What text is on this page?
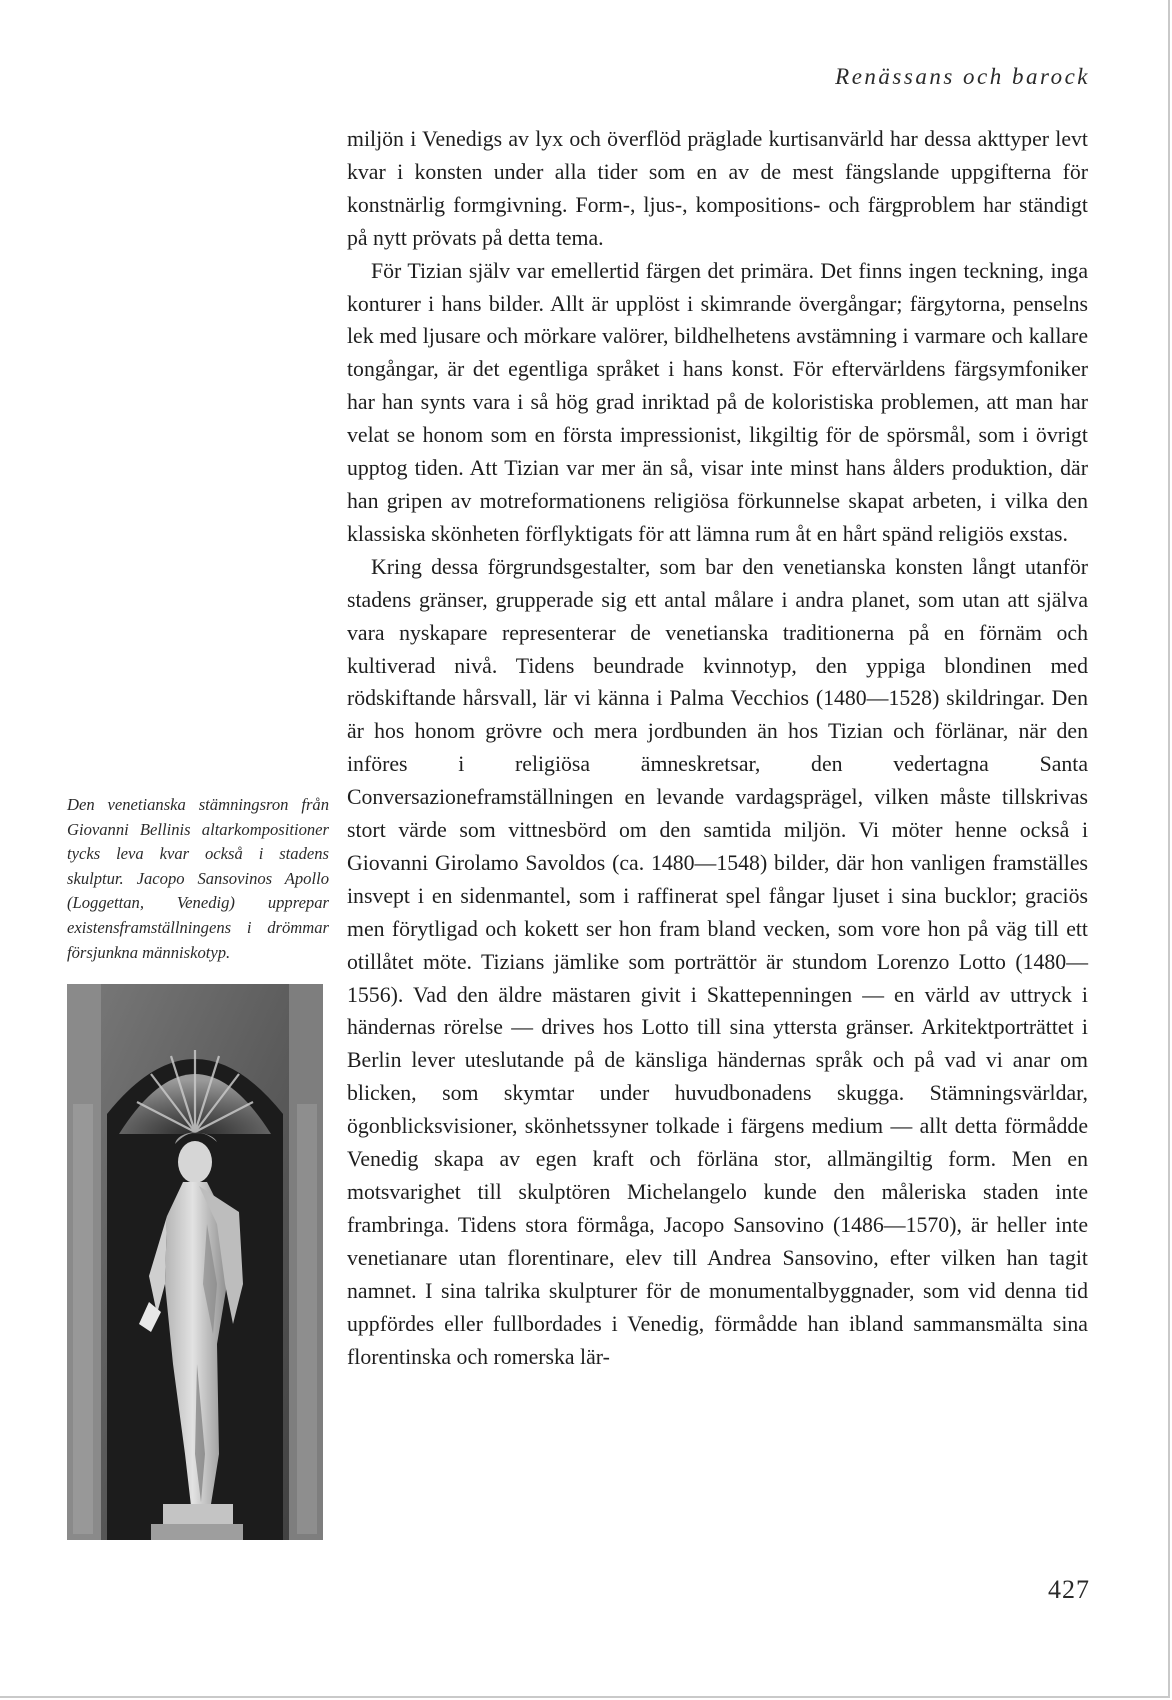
Renässans och barock

miljön i Venedigs av lyx och överflöd präglade kurtisanvärld har dessa akttyper levt kvar i konsten under alla tider som en av de mest fängslande uppgifterna för konstnärlig formgivning. Form-, ljus-, kompositions- och färgproblem har ständigt på nytt prövats på detta tema.

För Tizian själv var emellertid färgen det primära. Det finns ingen teckning, inga konturer i hans bilder. Allt är upplöst i skimrande övergångar; färgytorna, penselns lek med ljusare och mörkare valörer, bildhelhetens avstämning i varmare och kallare tongångar, är det egentliga språket i hans konst. För eftervärldens färgsymfoniker har han synts vara i så hög grad inriktad på de koloristiska problemen, att man har velat se honom som en första impressionist, likgiltig för de spörsmål, som i övrigt upptog tiden. Att Tizian var mer än så, visar inte minst hans ålders produktion, där han gripen av motreformationens religiösa förkunnelse skapat arbeten, i vilka den klassiska skönheten förflyktigats för att lämna rum åt en hårt spänd religiös exstas.

Kring dessa förgrundsgestalter, som bar den venetianska konsten långt utanför stadens gränser, grupperade sig ett antal målare i andra planet, som utan att själva vara nyskapare representerar de venetianska traditionerna på en förnäm och kultiverad nivå. Tidens beundrade kvinnotyp, den yppiga blondinen med rödskiftande hårsvall, lär vi känna i Palma Vecchios (1480—1528) skildringar. Den är hos honom grövre och mera jordbunden än hos Tizian och förlänar, när den införes i religiösa ämneskretsar, den vedertagna Santa Conversazioneframställningen en levande vardagsprägel, vilken måste tillskrivas stort värde som vittnesbörd om den samtida miljön. Vi möter henne också i Giovanni Girolamo Savoldos (ca. 1480—1548) bilder, där hon vanligen framställes insvept i en sidenmantel, som i raffinerat spel fångar ljuset i sina bucklor; graciös men förytligad och kokett ser hon fram bland vecken, som vore hon på väg till ett otillåtet möte. Tizians jämlike som porträttör är stundom Lorenzo Lotto (1480—1556). Vad den äldre mästaren givit i Skattepenningen — en värld av uttryck i händernas rörelse — drives hos Lotto till sina yttersta gränser. Arkitektporträttet i Berlin lever uteslutande på de känsliga händernas språk och på vad vi anar om blicken, som skymtar under huvudbonadens skugga. Stämningsvärldar, ögonblicksvisioner, skönhetssyner tolkade i färgens medium — allt detta förmådde Venedig skapa av egen kraft och förläna stor, allmängiltig form. Men en motsvarighet till skulptören Michelangelo kunde den måleriska staden inte frambringa. Tidens stora förmåga, Jacopo Sansovino (1486—1570), är heller inte venetianare utan florentinare, elev till Andrea Sansovino, efter vilken han tagit namnet. I sina talrika skulpturer för de monumentalbyggnader, som vid denna tid uppfördes eller fullbordades i Venedig, förmådde han ibland sammansmälta sina florentinska och romerska lär-

Den venetianska stämningsron från Giovanni Bellinis altarkompositioner tycks leva kvar också i stadens skulptur. Jacopo Sansovinos Apollo (Loggettan, Venedig) upprepar existensframställningens i drömmar försjunkna människotyp.
427
